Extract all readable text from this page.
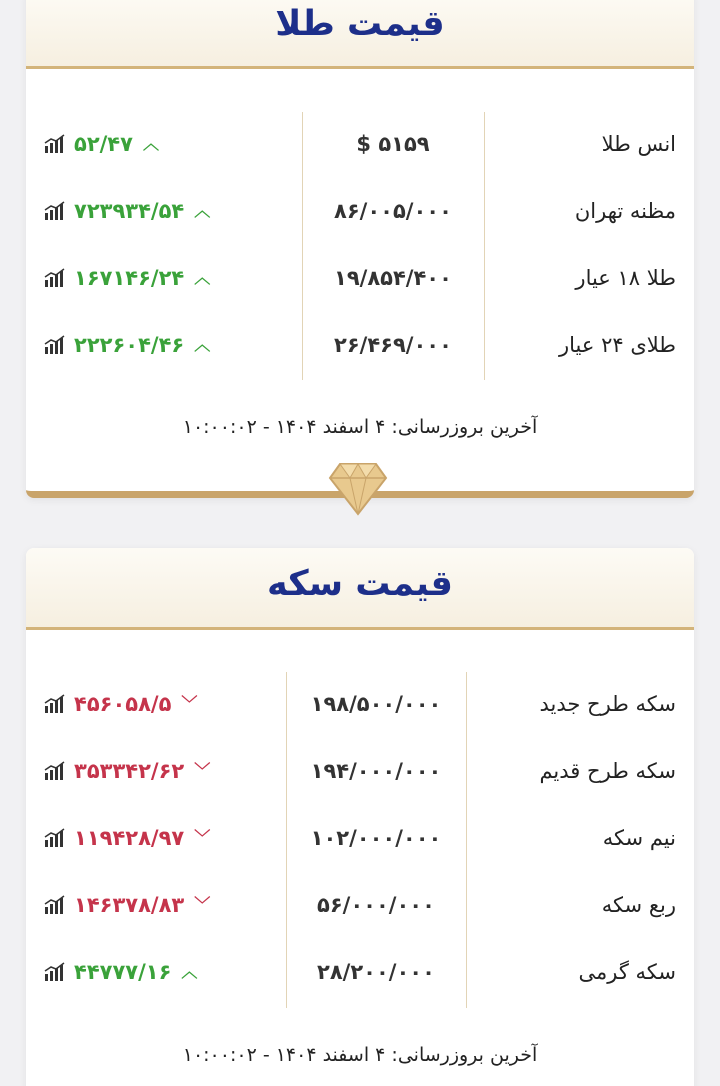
قیمت طلا
انس طلا
$ ۵۱۵۹
۵۲/۴۷ ︿
مظنه تهران
۸۶/۰۰۵/۰۰۰
۷۲۳۹۳۴/۵۴ ︿
طلا ۱۸ عیار
۱۹/۸۵۴/۴۰۰
۱۶۷۱۴۶/۲۴ ︿
طلای ۲۴ عیار
۲۶/۴۶۹/۰۰۰
۲۲۲۶۰۴/۴۶ ︿
آخرین بروزرسانی: ۴ اسفند ۱۴۰۴ - ۱۰:۰۰:۰۲
قیمت سکه
سکه طرح جدید
۱۹۸/۵۰۰/۰۰۰
۴۵۶۰۵۸/۵ ﹀
سکه طرح قدیم
۱۹۴/۰۰۰/۰۰۰
۳۵۳۳۴۲/۶۲ ﹀
نیم سکه
۱۰۲/۰۰۰/۰۰۰
۱۱۹۴۲۸/۹۷ ﹀
ربع سکه
۵۶/۰۰۰/۰۰۰
۱۴۶۳۷۸/۸۳ ﹀
سکه گرمی
۲۸/۲۰۰/۰۰۰
۴۴۷۷۷/۱۶ ︿
آخرین بروزرسانی: ۴ اسفند ۱۴۰۴ - ۱۰:۰۰:۰۲
